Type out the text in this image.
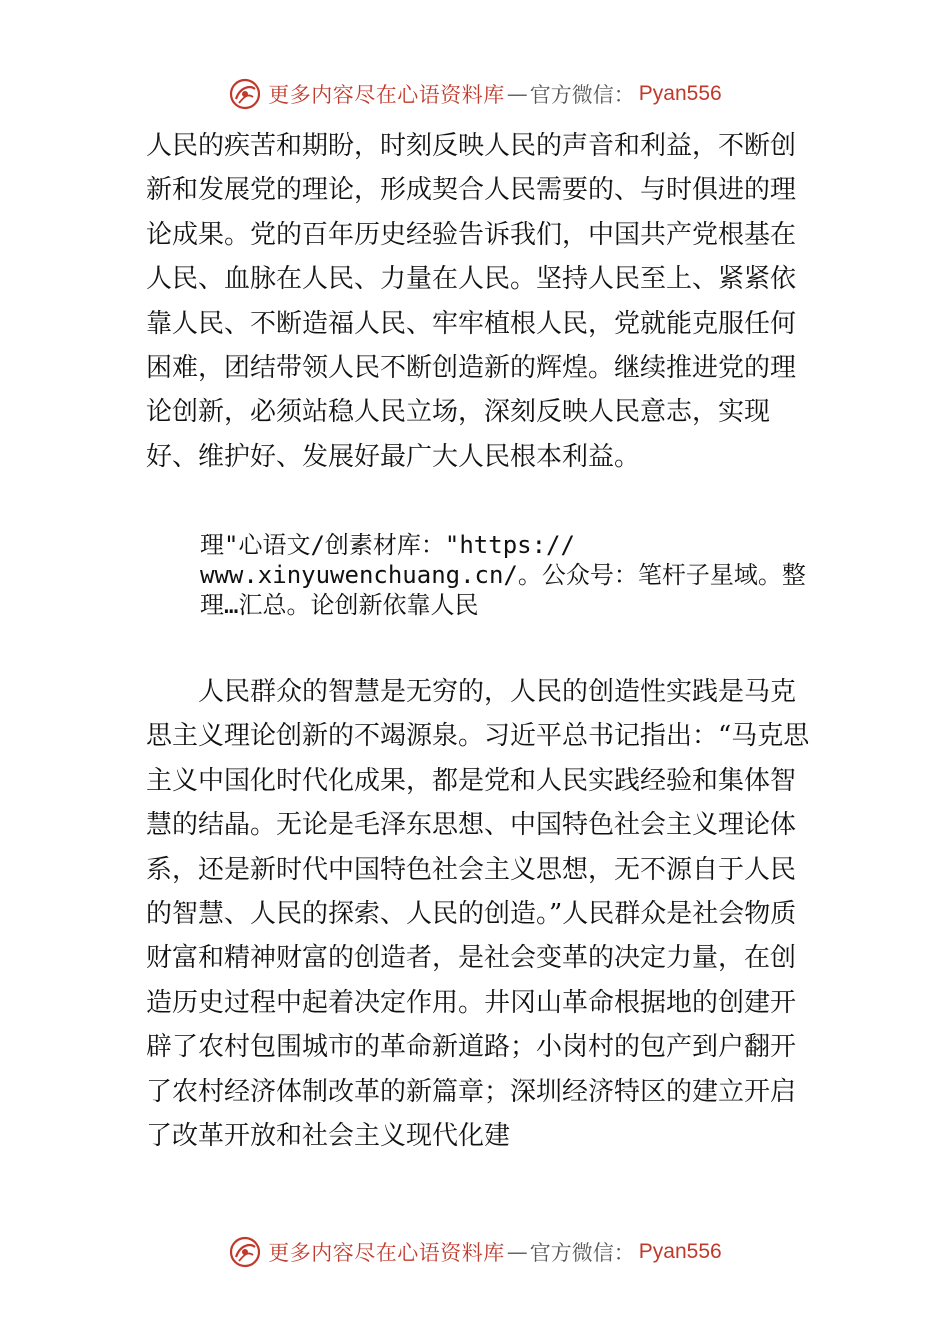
更多内容尽在心语资料库 — 官方微信： Pyan556

人民的疾苦和期盼，时刻反映人民的声音和利益，不断创新和发展党的理论，形成契合人民需要的、与时俱进的理论成果。党的百年历史经验告诉我们，中国共产党根基在人民、血脉在人民、力量在人民。坚持人民至上、紧紧依靠人民、不断造福人民、牢牢植根人民，党就能克服任何困难，团结带领人民不断创造新的辉煌。继续推进党的理论创新，必须站稳人民立场，深刻反映人民意志，实现好、维护好、发展好最广大人民根本利益。

理"心语文/创素材库："https://
www.xinyuwenchuang.cn/。公众号：笔杆子星域。整
理…汇总。论创新依靠人民

人民群众的智慧是无穷的，人民的创造性实践是马克思主义理论创新的不竭源泉。习近平总书记指出：“马克思主义中国化时代化成果，都是党和人民实践经验和集体智慧的结晶。无论是毛泽东思想、中国特色社会主义理论体系，还是新时代中国特色社会主义思想，无不源自于人民的智慧、人民的探索、人民的创造。”人民群众是社会物质财富和精神财富的创造者，是社会变革的决定力量，在创造历史过程中起着决定作用。井冈山革命根据地的创建开辟了农村包围城市的革命新道路；小岗村的包产到户翻开了农村经济体制改革的新篇章；深圳经济特区的建立开启了改革开放和社会主义现代化建

更多内容尽在心语资料库 — 官方微信： Pyan556
